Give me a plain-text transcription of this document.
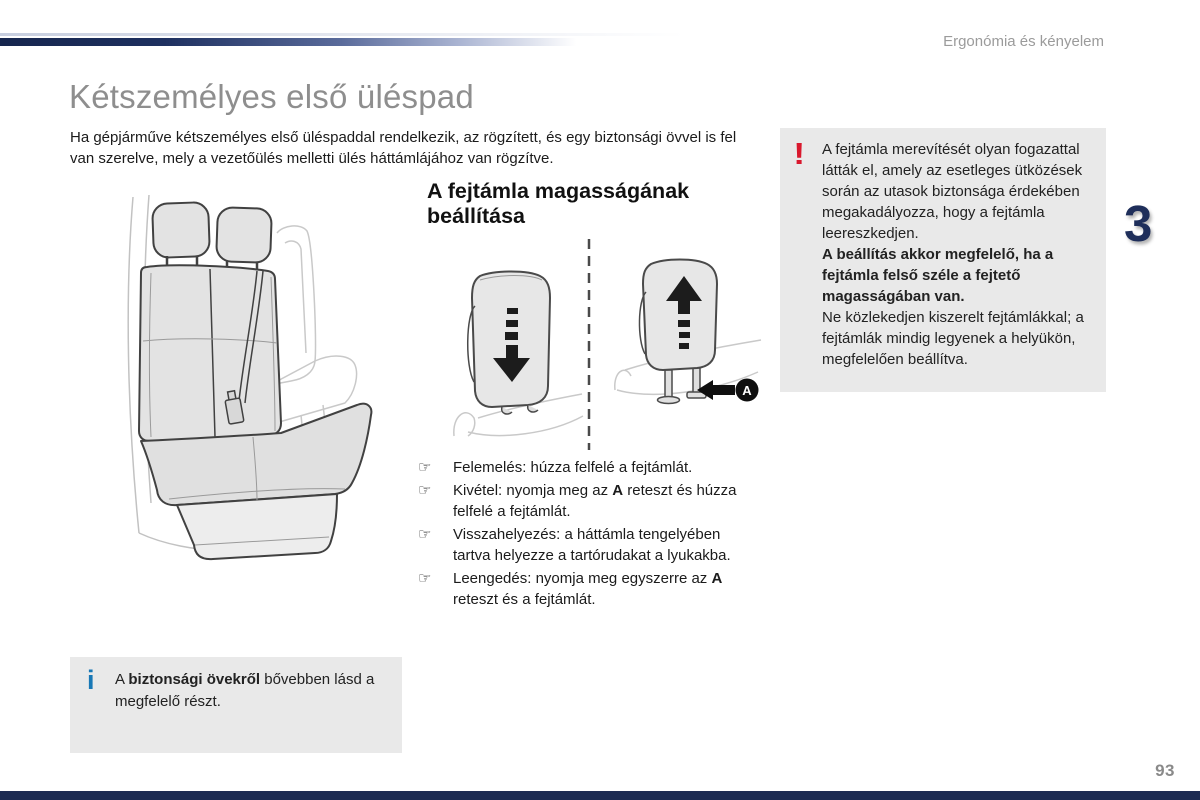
Ergonómia és kényelem
Kétszemélyes első üléspad

Ha gépjárműve kétszemélyes első üléspaddal rendelkezik, az rögzített, és egy biztonsági övvel is fel van szerelve, mely a vezetőülés melletti ülés háttámlájához van rögzítve.

A fejtámla magasságának beállítása
A
☞	Felemelés: húzza felfelé a fejtámlát.
☞	Kivétel: nyomja meg az A reteszt és húzza felfelé a fejtámlát.
☞	Visszahelyezés: a háttámla tengelyében tartva helyezze a tartórudakat a lyukakba.
☞	Leengedés: nyomja meg egyszerre az A reteszt és a fejtámlát.
! A fejtámla merevítését olyan fogazattal látták el, amely az esetleges ütközések során az utasok biztonsága érdekében megakadályozza, hogy a fejtámla leereszkedjen.

A beállítás akkor megfelelő, ha a fejtámla felső széle a fejtető magasságában van.

Ne közlekedjen kiszerelt fejtámlákkal; a fejtámlák mindig legyenek a helyükön, megfelelően beállítva.

3
i A biztonsági övekről bővebben lásd a megfelelő részt.

93
